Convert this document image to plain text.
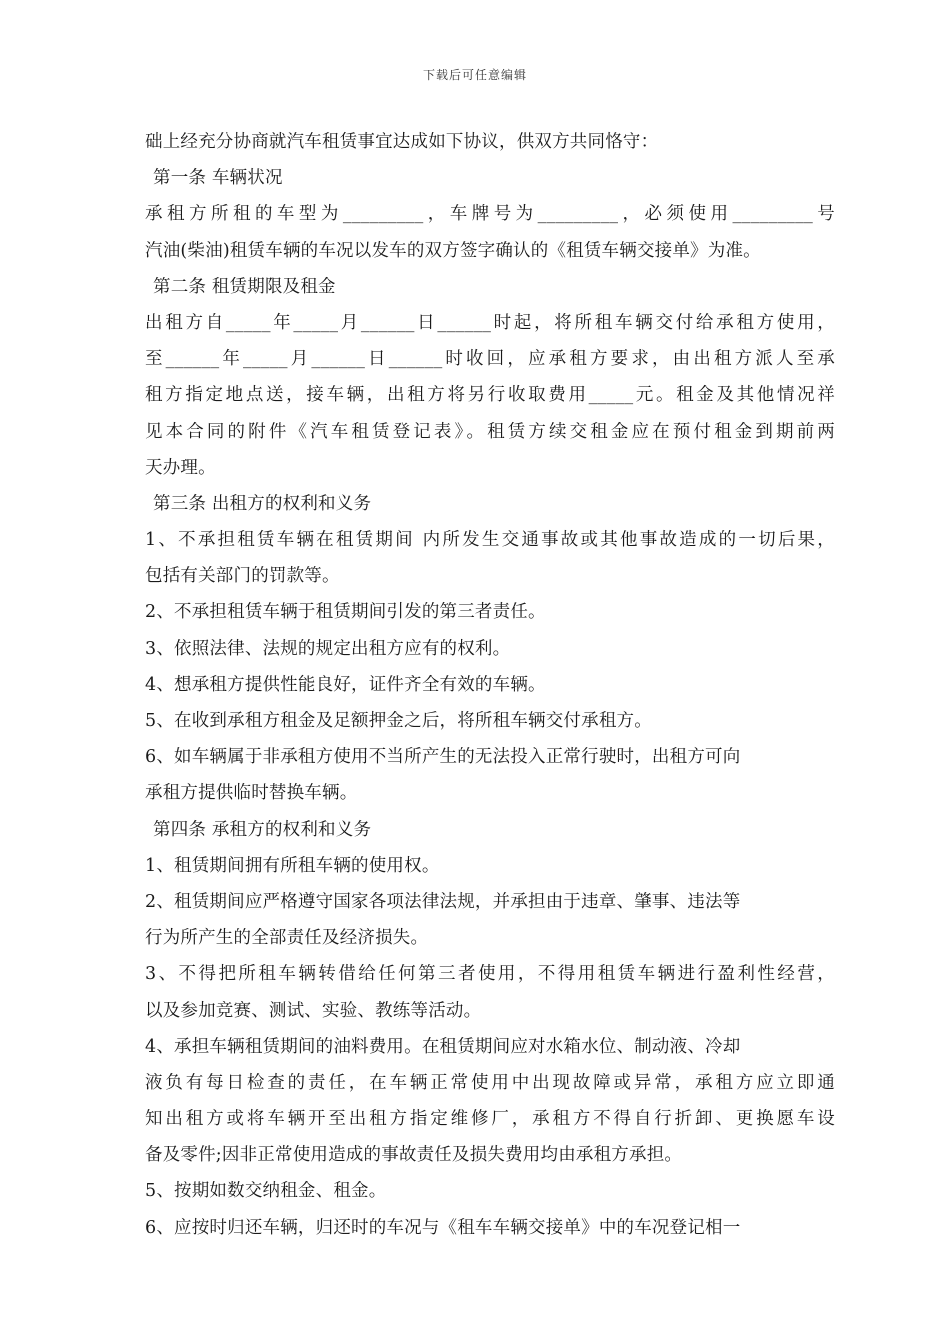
下载后可任意编辑
础上经充分协商就汽车租赁事宜达成如下协议，供双方共同恪守：
第一条 车辆状况
承租方所租的车型为_________，车牌号为_________，必须使用_________号
汽油(柴油)租赁车辆的车况以发车的双方签字确认的《租赁车辆交接单》为准。
第二条 租赁期限及租金
出租方自_____年_____月______日______时起，将所租车辆交付给承租方使用，
至______年_____月______日______时收回，应承租方要求，由出租方派人至承
租方指定地点送，接车辆，出租方将另行收取费用_____元。租金及其他情况祥
见本合同的附件《汽车租赁登记表》。租赁方续交租金应在预付租金到期前两
天办理。
第三条 出租方的权利和义务
1、不承担租赁车辆在租赁期间 内所发生交通事故或其他事故造成的一切后果，
包括有关部门的罚款等。
2、不承担租赁车辆于租赁期间引发的第三者责任。
3、依照法律、法规的规定出租方应有的权利。
4、想承租方提供性能良好，证件齐全有效的车辆。
5、在收到承租方租金及足额押金之后，将所租车辆交付承租方。
6、如车辆属于非承租方使用不当所产生的无法投入正常行驶时，出租方可向
承租方提供临时替换车辆。
第四条 承租方的权利和义务
1、租赁期间拥有所租车辆的使用权。
2、租赁期间应严格遵守国家各项法律法规，并承担由于违章、肇事、违法等
行为所产生的全部责任及经济损失。
3、不得把所租车辆转借给任何第三者使用，不得用租赁车辆进行盈利性经营，
以及参加竞赛、测试、实验、教练等活动。
4、承担车辆租赁期间的油料费用。在租赁期间应对水箱水位、制动液、冷却
液负有每日检查的责任，在车辆正常使用中出现故障或异常，承租方应立即通
知出租方或将车辆开至出租方指定维修厂，承租方不得自行折卸、更换愿车设
备及零件;因非正常使用造成的事故责任及损失费用均由承租方承担。
5、按期如数交纳租金、租金。
6、应按时归还车辆，归还时的车况与《租车车辆交接单》中的车况登记相一
